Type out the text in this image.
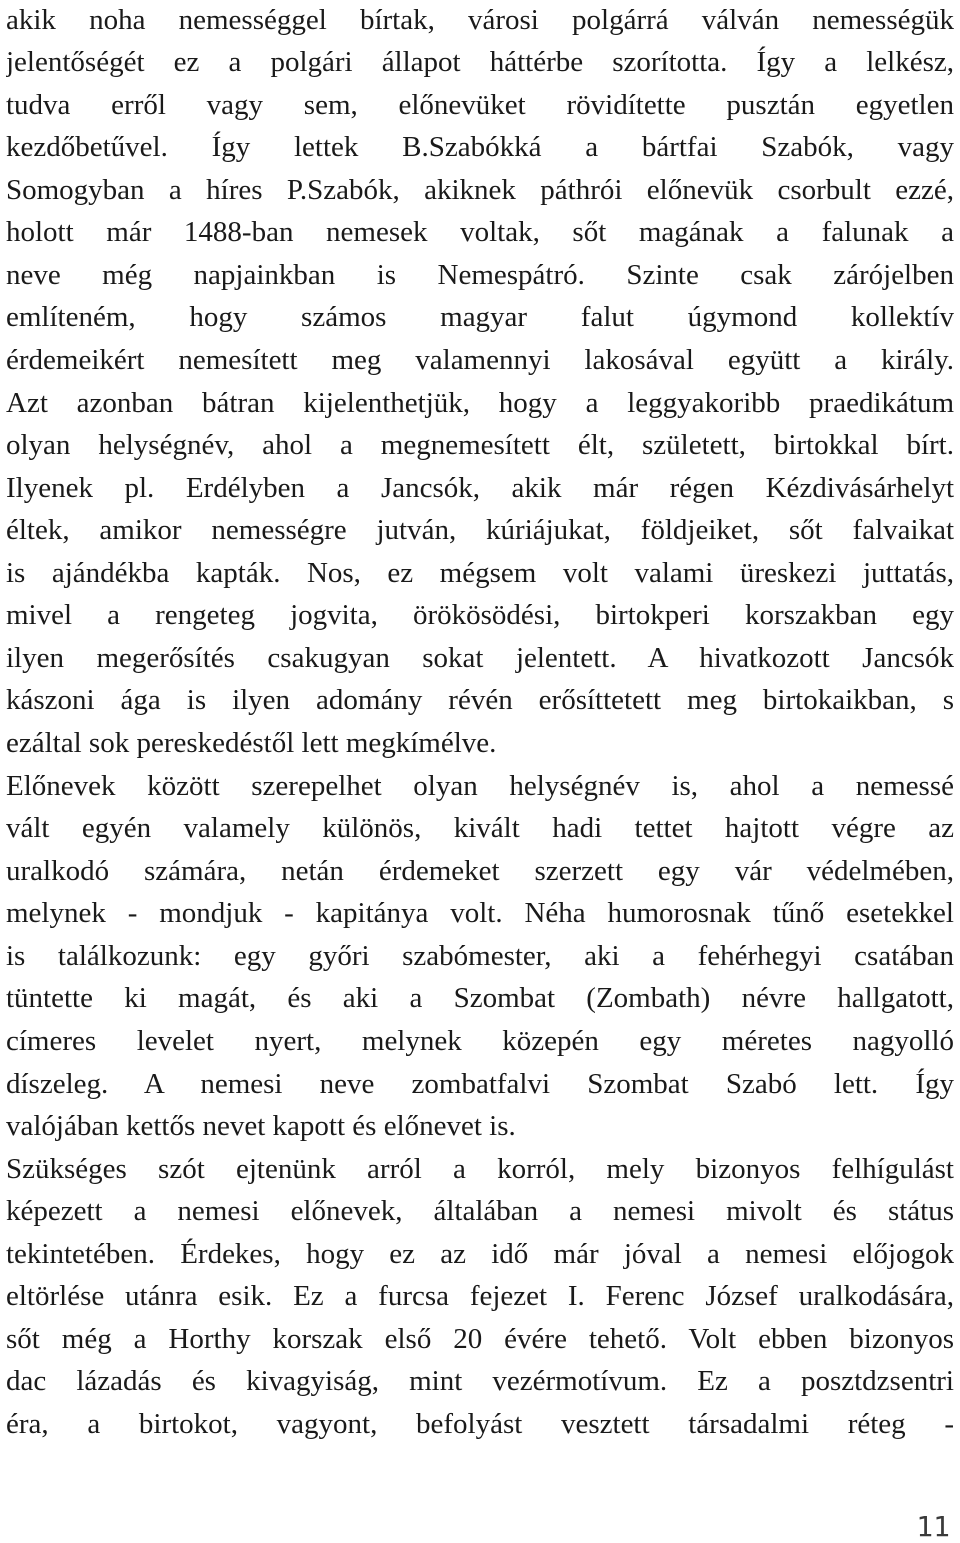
akik noha nemességgel bírtak, városi polgárrá válván nemességük
jelentőségét ez a polgári állapot háttérbe szorította. Így a lelkész,
tudva erről vagy sem, előnevüket rövidítette pusztán egyetlen
kezdőbetűvel. Így lettek B.Szabókká a bártfai Szabók, vagy
Somogyban a híres P.Szabók, akiknek páthrói előnevük csorbult ezzé,
holott már 1488-ban nemesek voltak, sőt magának a falunak a
neve még napjainkban is Nemespátró. Szinte csak zárójelben
említeném, hogy számos magyar falut úgymond kollektív
érdemeikért nemesített meg valamennyi lakosával együtt a király.
Azt azonban bátran kijelenthetjük, hogy a leggyakoribb praedikátum
olyan helységnév, ahol a megnemesített élt, született, birtokkal bírt.
Ilyenek pl. Erdélyben a Jancsók, akik már régen Kézdivásárhelyt
éltek, amikor nemességre jutván, kúriájukat, földjeiket, sőt falvaikat
is ajándékba kapták. Nos, ez mégsem volt valami üreskezi juttatás,
mivel a rengeteg jogvita, örökösödési, birtokperi korszakban egy
ilyen megerősítés csakugyan sokat jelentett. A hivatkozott Jancsók
kászoni ága is ilyen adomány révén erősíttetett meg birtokaikban, s
ezáltal sok pereskedéstől lett megkímélve.
Előnevek között szerepelhet olyan helységnév is, ahol a nemessé
vált egyén valamely különös, kivált hadi tettet hajtott végre az
uralkodó számára, netán érdemeket szerzett egy vár védelmében,
melynek - mondjuk - kapitánya volt. Néha humorosnak tűnő esetekkel
is találkozunk: egy győri szabómester, aki a fehérhegyi csatában
tüntette ki magát, és aki a Szombat (Zombath) névre hallgatott,
címeres levelet nyert, melynek közepén egy méretes nagyolló
díszeleg. A nemesi neve zombatfalvi Szombat Szabó lett. Így
valójában kettős nevet kapott és előnevet is.
Szükséges szót ejtenünk arról a korról, mely bizonyos felhígulást
képezett a nemesi előnevek, általában a nemesi mivolt és státus
tekintetében. Érdekes, hogy ez az idő már jóval a nemesi előjogok
eltörlése utánra esik. Ez a furcsa fejezet I. Ferenc József uralkodására,
sőt még a Horthy korszak első 20 évére tehető. Volt ebben bizonyos
dac lázadás és kivagyiság, mint vezérmotívum. Ez a posztdzsentri
éra, a birtokot, vagyont, befolyást vesztett társadalmi réteg -
11
